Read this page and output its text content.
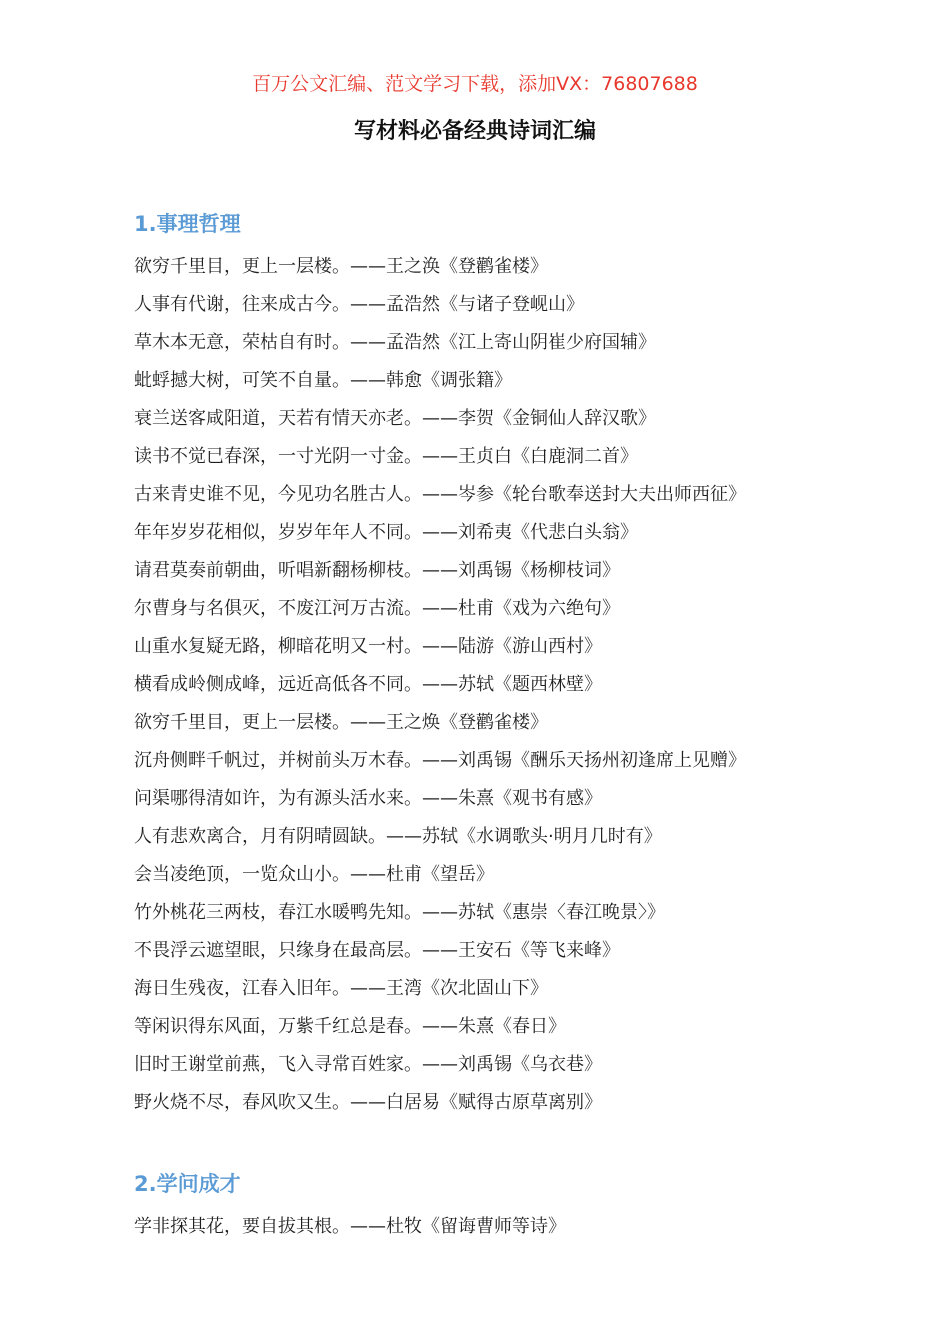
百万公文汇编、范文学习下载，添加VX：76807688
写材料必备经典诗词汇编
1.事理哲理
欲穷千里目，更上一层楼。——王之涣《登鹳雀楼》
人事有代谢，往来成古今。——孟浩然《与诸子登岘山》
草木本无意，荣枯自有时。——孟浩然《江上寄山阴崔少府国辅》
蚍蜉撼大树，可笑不自量。——韩愈《调张籍》
衰兰送客咸阳道，天若有情天亦老。——李贺《金铜仙人辞汉歌》
读书不觉已春深，一寸光阴一寸金。——王贞白《白鹿洞二首》
古来青史谁不见，今见功名胜古人。——岑参《轮台歌奉送封大夫出师西征》
年年岁岁花相似，岁岁年年人不同。——刘希夷《代悲白头翁》
请君莫奏前朝曲，听唱新翻杨柳枝。——刘禹锡《杨柳枝词》
尔曹身与名俱灭，不废江河万古流。——杜甫《戏为六绝句》
山重水复疑无路，柳暗花明又一村。——陆游《游山西村》
横看成岭侧成峰，远近高低各不同。——苏轼《题西林壁》
欲穷千里目，更上一层楼。——王之焕《登鹳雀楼》
沉舟侧畔千帆过，并树前头万木春。——刘禹锡《酬乐天扬州初逢席上见赠》
问渠哪得清如许，为有源头活水来。——朱熹《观书有感》
人有悲欢离合，月有阴晴圆缺。——苏轼《水调歌头·明月几时有》
会当凌绝顶，一览众山小。——杜甫《望岳》
竹外桃花三两枝，春江水暖鸭先知。——苏轼《惠崇〈春江晚景〉》
不畏浮云遮望眼，只缘身在最高层。——王安石《等飞来峰》
海日生残夜，江春入旧年。——王湾《次北固山下》
等闲识得东风面，万紫千红总是春。——朱熹《春日》
旧时王谢堂前燕，飞入寻常百姓家。——刘禹锡《乌衣巷》
野火烧不尽，春风吹又生。——白居易《赋得古原草离别》
2.学问成才
学非探其花，要自拔其根。——杜牧《留诲曹师等诗》
